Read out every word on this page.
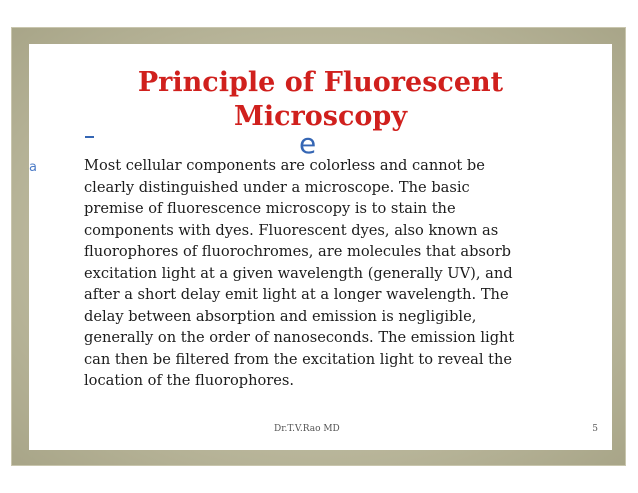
Principle of Fluorescent
Microscopy
e
a	Most cellular components are colorless and cannot be
clearly distinguished under a microscope. The basic
premise of fluorescence microscopy is to stain the
components with dyes. Fluorescent dyes, also known as
fluorophores of fluorochromes, are molecules that absorb
excitation light at a given wavelength (generally UV), and
after a short delay emit light at a longer wavelength. The
delay between absorption and emission is negligible,
generally on the order of nanoseconds. The emission light
can then be filtered from the excitation light to reveal the
location of the fluorophores.
Dr.T.V.Rao MD	5
